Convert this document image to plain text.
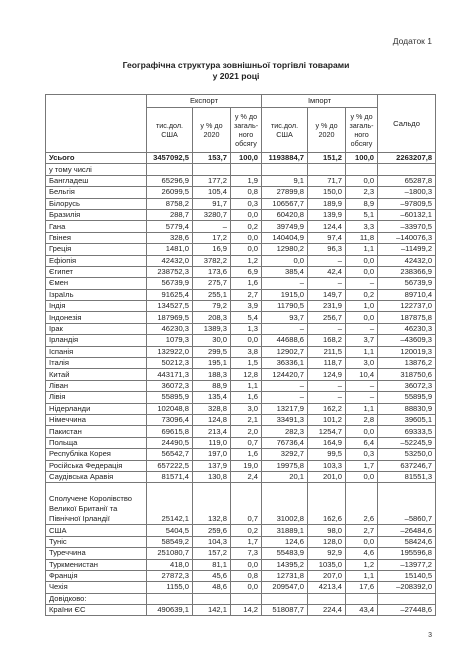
Додаток 1
Географічна структура зовнішньої торгівлі товарами
у 2021 році
	Експорт			Імпорт			Сальдо
	тис.дол. США	у % до 2020	у % до загаль-ного обсягу	тис.дол. США	у % до 2020	у % до загаль-ного обсягу	
Усього	3457092,5	153,7	100,0	1193884,7	151,2	100,0	2263207,8
у тому числі							
Бангладеш	65296,9	177,2	1,9	9,1	71,7	0,0	65287,8
Бельгія	26099,5	105,4	0,8	27899,8	150,0	2,3	–1800,3
Білорусь	8758,2	91,7	0,3	106567,7	189,9	8,9	–97809,5
Бразилія	288,7	3280,7	0,0	60420,8	139,9	5,1	–60132,1
Гана	5779,4	–	0,2	39749,9	124,4	3,3	–33970,5
Гвінея	328,6	17,2	0,0	140404,9	97,4	11,8	–140076,3
Греція	1481,0	16,9	0,0	12980,2	96,3	1,1	–11499,2
Ефіопія	42432,0	3782,2	1,2	0,0	–	0,0	42432,0
Єгипет	238752,3	173,6	6,9	385,4	42,4	0,0	238366,9
Ємен	56739,9	275,7	1,6	–	–	–	56739,9
Ізраїль	91625,4	255,1	2,7	1915,0	149,7	0,2	89710,4
Індія	134527,5	79,2	3,9	11790,5	231,9	1,0	122737,0
Індонезія	187969,5	208,3	5,4	93,7	256,7	0,0	187875,8
Ірак	46230,3	1389,3	1,3	–	–	–	46230,3
Ірландія	1079,3	30,0	0,0	44688,6	168,2	3,7	–43609,3
Іспанія	132922,0	299,5	3,8	12902,7	211,5	1,1	120019,3
Італія	50212,3	195,1	1,5	36336,1	118,7	3,0	13876,2
Китай	443171,3	188,3	12,8	124420,7	124,9	10,4	318750,6
Ліван	36072,3	88,9	1,1	–	–	–	36072,3
Лівія	55895,9	135,4	1,6	–	–	–	55895,9
Нідерланди	102048,8	328,8	3,0	13217,9	162,2	1,1	88830,9
Німеччина	73096,4	124,8	2,1	33491,3	101,2	2,8	39605,1
Пакистан	69615,8	213,4	2,0	282,3	1254,7	0,0	69333,5
Польща	24490,5	119,0	0,7	76736,4	164,9	6,4	–52245,9
Республіка Корея	56542,7	197,0	1,6	3292,7	99,5	0,3	53250,0
Російська Федерація	657222,5	137,9	19,0	19975,8	103,3	1,7	637246,7
Саудівська Аравія	81571,4	130,8	2,4	20,1	201,0	0,0	81551,3
Сполучене Королівство Великої Британії та Північної Ірландії	25142,1	132,8	0,7	31002,8	162,6	2,6	–5860,7
США	5404,5	259,6	0,2	31889,1	98,0	2,7	–26484,6
Туніс	58549,2	104,3	1,7	124,6	128,0	0,0	58424,6
Туреччина	251080,7	157,2	7,3	55483,9	92,9	4,6	195596,8
Туркменистан	418,0	81,1	0,0	14395,2	1035,0	1,2	–13977,2
Франція	27872,3	45,6	0,8	12731,8	207,0	1,1	15140,5
Чехія	1155,0	48,6	0,0	209547,0	4213,4	17,6	–208392,0
Довідково:							
Країни ЄС	490639,1	142,1	14,2	518087,7	224,4	43,4	–27448,6
3
